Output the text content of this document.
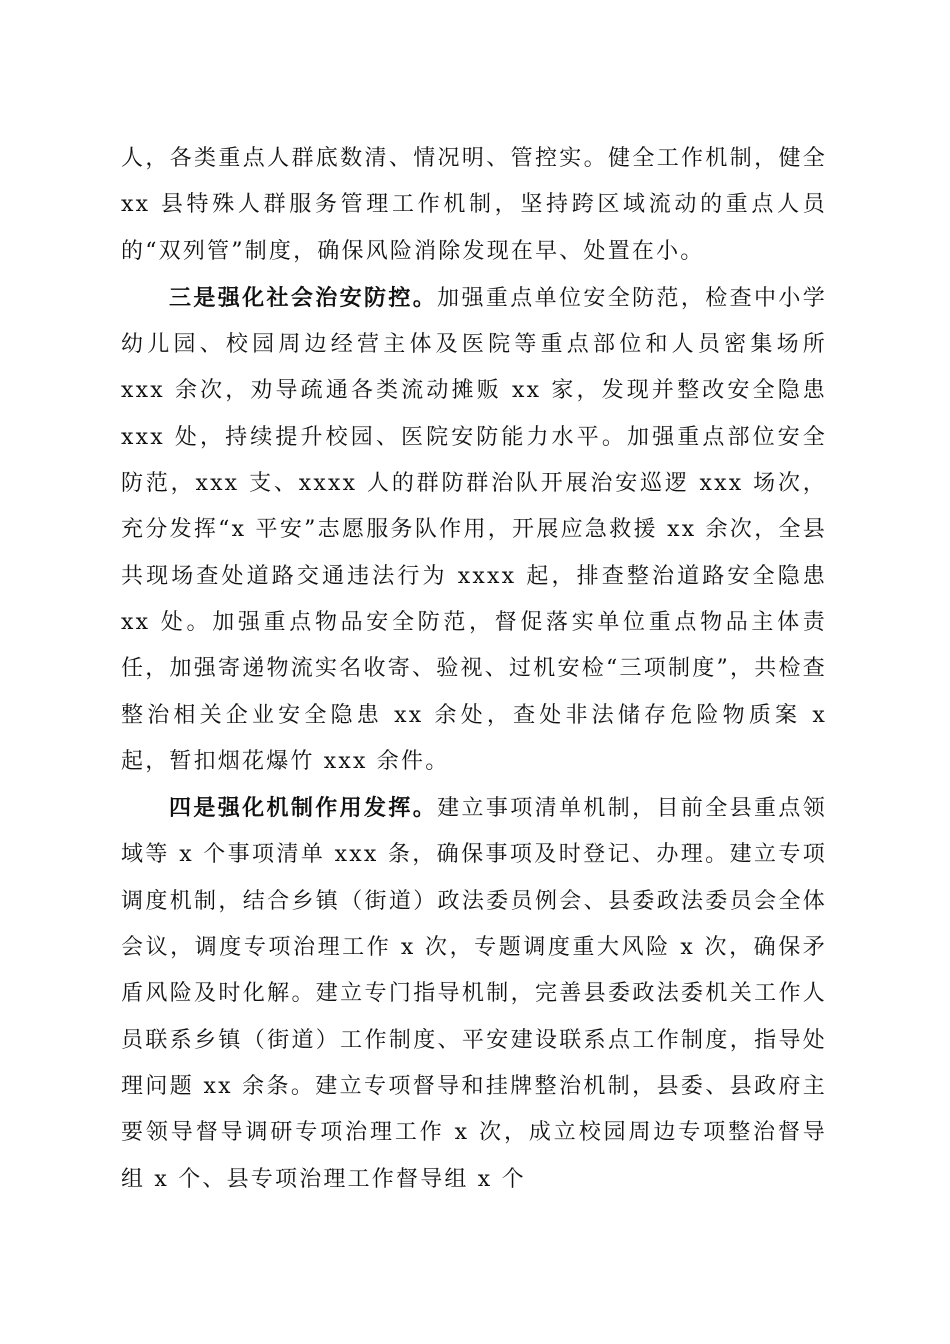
人，各类重点人群底数清、情况明、管控实。健全工作机制，健全 xx 县特殊人群服务管理工作机制，坚持跨区域流动的重点人员的“双列管”制度，确保风险消除发现在早、处置在小。

三是强化社会治安防控。加强重点单位安全防范，检查中小学幼儿园、校园周边经营主体及医院等重点部位和人员密集场所 xxx 余次，劝导疏通各类流动摊贩 xx 家，发现并整改安全隐患 xxx 处，持续提升校园、医院安防能力水平。加强重点部位安全防范，xxx 支、xxxx 人的群防群治队开展治安巡逻 xxx 场次，充分发挥“x 平安”志愿服务队作用，开展应急救援 xx 余次，全县共现场查处道路交通违法行为 xxxx 起，排查整治道路安全隐患 xx 处。加强重点物品安全防范，督促落实单位重点物品主体责任，加强寄递物流实名收寄、验视、过机安检“三项制度”，共检查整治相关企业安全隐患 xx 余处，查处非法储存危险物质案 x 起，暂扣烟花爆竹 xxx 余件。

四是强化机制作用发挥。建立事项清单机制，目前全县重点领域等 x 个事项清单 xxx 条，确保事项及时登记、办理。建立专项调度机制，结合乡镇（街道）政法委员例会、县委政法委员会全体会议，调度专项治理工作 x 次，专题调度重大风险 x 次，确保矛盾风险及时化解。建立专门指导机制，完善县委政法委机关工作人员联系乡镇（街道）工作制度、平安建设联系点工作制度，指导处理问题 xx 余条。建立专项督导和挂牌整治机制，县委、县政府主要领导督导调研专项治理工作 x 次，成立校园周边专项整治督导组 x 个、县专项治理工作督导组 x 个
